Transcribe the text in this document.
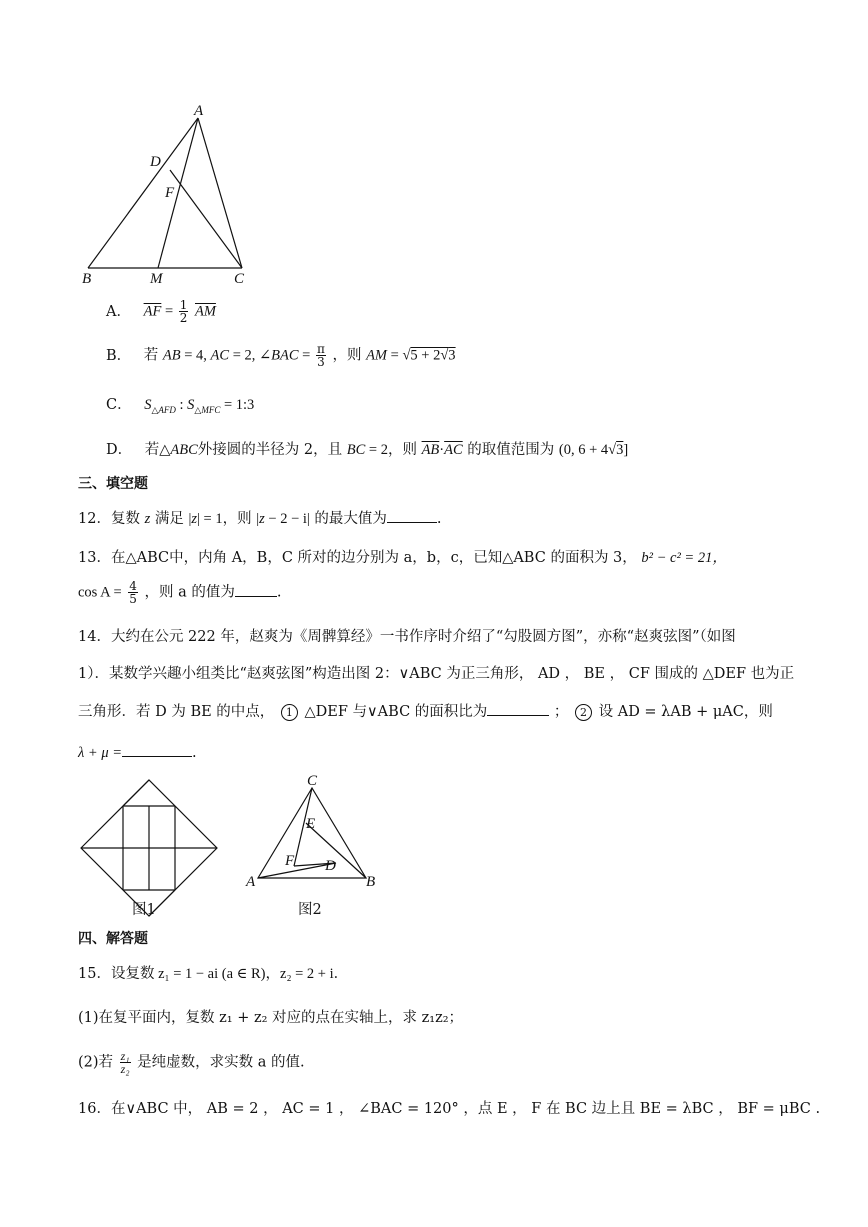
A
D
F
B	M	C
A． $\overline{AF} = \frac{1}{2} \overline{AM}$
B． 若 AB = 4, AC = 2, ∠BAC = $\frac{\pi}{3}$ ，则 AM = √5 + 2√3
C． $S_{\triangle AFD}$ : $S_{\triangle MFC}$ = 1:3
D． 若△ABC外接圆的半径为 2，且 BC = 2，则 $\overline{AB}\cdot\overline{AC}$ 的取值范围为 (0, 6 + 4√3]
三、填空题
12．复数 z 满足 |z| = 1，则 |z − 2 − i| 的最大值为	.
13．在△ABC中，内角 A，B，C 所对的边分别为 a，b，c，已知△ABC 的面积为 3， b² − c² = 21，
$\cos A = \frac{4}{5}$ ，则 a 的值为	.
14．大约在公元 222 年，赵爽为《周髀算经》一书作序时介绍了“勾股圆方图”，亦称“赵爽弦图”（如图
1）．某数学兴趣小组类比“赵爽弦图”构造出图 2：∨ABC 为正三角形， AD ， BE ， CF 围成的 △DEF 也为正
三角形．若 D 为 BE 的中点， 1 △DEF 与∨ABC 的面积比为	； 2 设 AD = λAB + μAC，则
λ + μ =	.
图1
C
E
F D
A	B
图2
四、解答题
15．设复数 z₁ = 1 − ai (a ∈ R)，z₂ = 2 + i．
(1)在复平面内，复数 z₁ + z₂ 对应的点在实轴上，求 z₁z₂；
(2)若 $\frac{\text{z₁}}{\text{z₂}}$ 是纯虚数，求实数 a 的值.
16．在∨ABC 中， AB = 2 ， AC = 1 ， ∠BAC = 120° ，点 E ， F 在 BC 边上且 BE = λBC ， BF = μBC .
